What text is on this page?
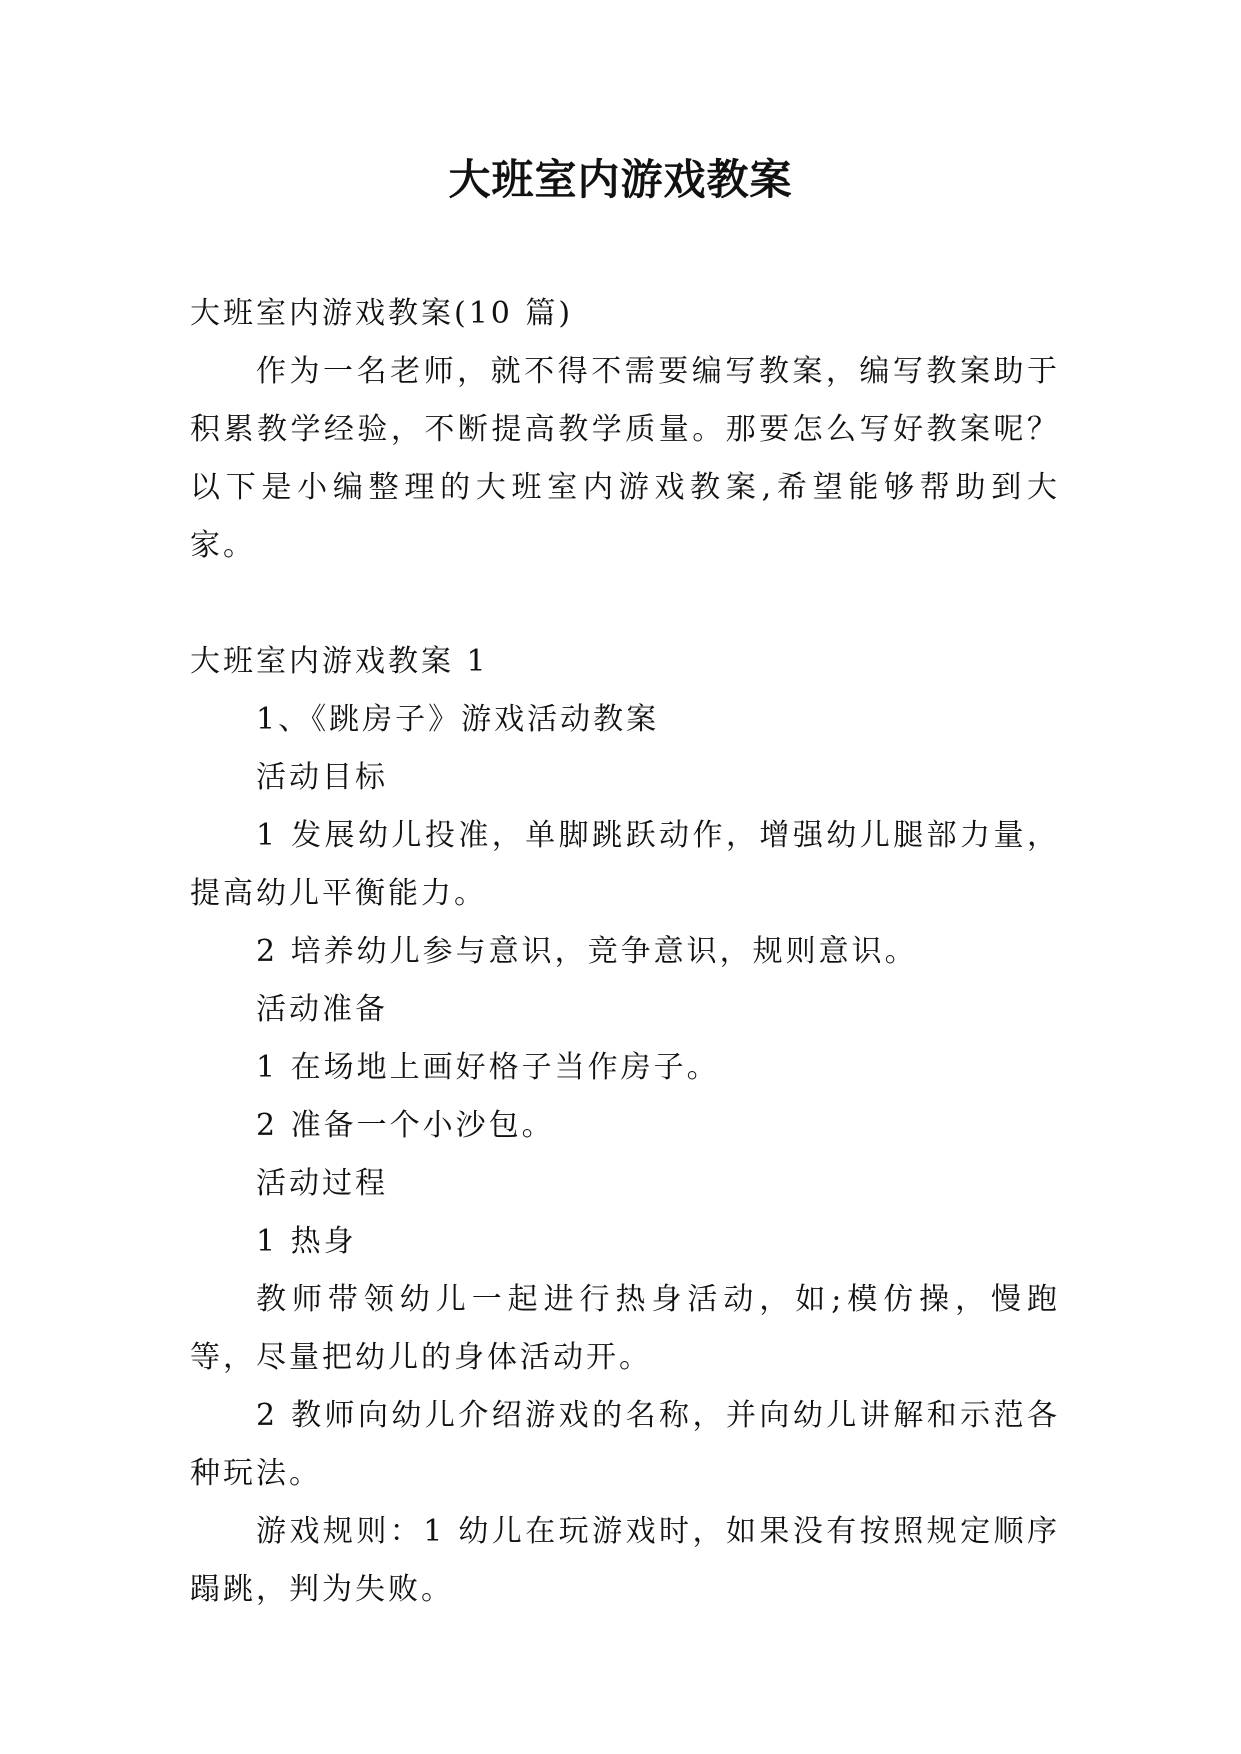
大班室内游戏教案

大班室内游戏教案(10 篇)

作为一名老师，就不得不需要编写教案，编写教案助于积累教学经验，不断提高教学质量。那要怎么写好教案呢？以下是小编整理的大班室内游戏教案,希望能够帮助到大家。

大班室内游戏教案 1

1、《跳房子》游戏活动教案

活动目标

1 发展幼儿投准，单脚跳跃动作，增强幼儿腿部力量，提高幼儿平衡能力。

2 培养幼儿参与意识，竞争意识，规则意识。

活动准备

1 在场地上画好格子当作房子。

2 准备一个小沙包。

活动过程

1 热身

教师带领幼儿一起进行热身活动，如;模仿操，慢跑等，尽量把幼儿的身体活动开。

2 教师向幼儿介绍游戏的名称，并向幼儿讲解和示范各种玩法。

游戏规则：1 幼儿在玩游戏时，如果没有按照规定顺序蹋跳，判为失败。
